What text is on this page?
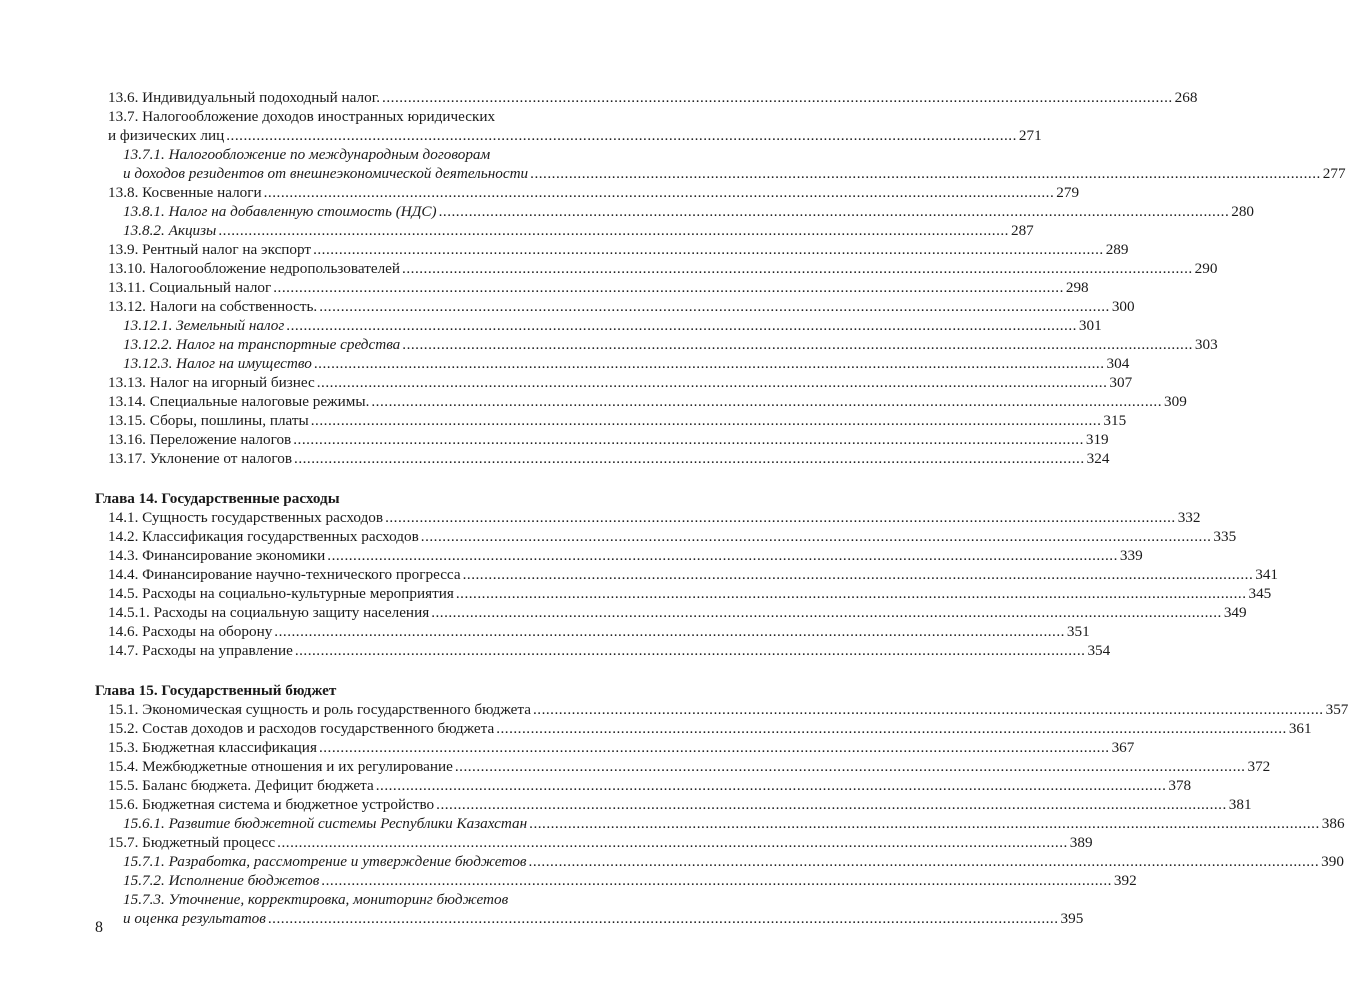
13.6. Индивидуальный подоходный налог. .....	268
13.7. Налогообложение доходов иностранных юридических
и физических лиц .....	271
13.7.1. Налогообложение по международным договорам
и доходов резидентов от внешнеэкономической деятельности .....	277
13.8. Косвенные налоги .....	279
13.8.1. Налог на добавленную стоимость (НДС) .....	280
13.8.2. Акцизы .....	287
13.9. Рентный налог на экспорт .....	289
13.10. Налогообложение недропользователей .....	290
13.11. Социальный налог .....	298
13.12. Налоги на собственность. .....	300
13.12.1. Земельный налог .....	301
13.12.2. Налог на транспортные средства .....	303
13.12.3. Налог на имущество .....	304
13.13. Налог на игорный бизнес .....	307
13.14. Специальные налоговые режимы. .....	309
13.15. Сборы, пошлины, платы .....	315
13.16. Переложение налогов .....	319
13.17. Уклонение от налогов .....	324
Глава 14. Государственные расходы
14.1. Сущность государственных расходов .....	332
14.2. Классификация государственных расходов .....	335
14.3. Финансирование экономики .....	339
14.4. Финансирование научно-технического прогресса .....	341
14.5. Расходы на социально-культурные мероприятия .....	345
14.5.1. Расходы на социальную защиту населения .....	349
14.6. Расходы на оборону .....	351
14.7. Расходы на управление .....	354
Глава 15. Государственный бюджет
15.1. Экономическая сущность и роль государственного бюджета .....	357
15.2. Состав доходов и расходов государственного бюджета .....	361
15.3. Бюджетная классификация .....	367
15.4. Межбюджетные отношения и их регулирование .....	372
15.5. Баланс бюджета. Дефицит бюджета .....	378
15.6. Бюджетная система и бюджетное устройство .....	381
15.6.1. Развитие бюджетной системы Республики Казахстан .....	386
15.7. Бюджетный процесс .....	389
15.7.1. Разработка, рассмотрение и утверждение бюджетов .....	390
15.7.2. Исполнение бюджетов .....	392
15.7.3. Уточнение, корректировка, мониторинг бюджетов
и оценка результатов .....	395
8
